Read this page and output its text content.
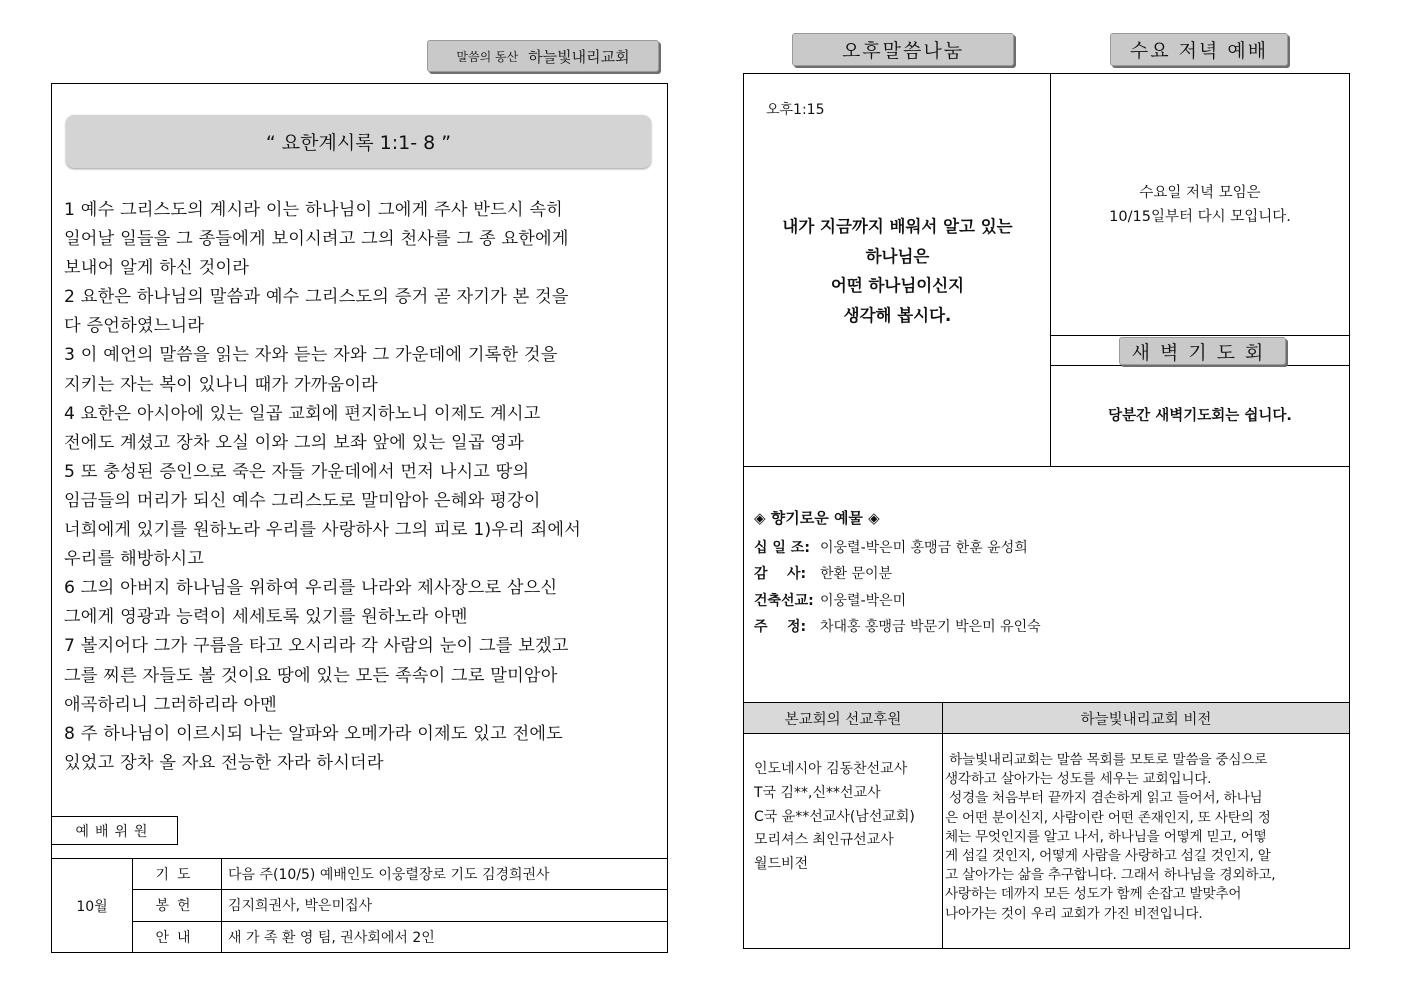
말씀의 동산 하늘빛내리교회
“ 요한계시록 1:1- 8 ”

1 예수 그리스도의 계시라 이는 하나님이 그에게 주사 반드시 속히

일어날 일들을 그 종들에게 보이시려고 그의 천사를 그 종 요한에게

보내어 알게 하신 것이라

2 요한은 하나님의 말씀과 예수 그리스도의 증거 곧 자기가 본 것을

다 증언하였느니라

3 이 예언의 말씀을 읽는 자와 듣는 자와 그 가운데에 기록한 것을

지키는 자는 복이 있나니 때가 가까움이라

4 요한은 아시아에 있는 일곱 교회에 편지하노니 이제도 계시고

전에도 계셨고 장차 오실 이와 그의 보좌 앞에 있는 일곱 영과

5 또 충성된 증인으로 죽은 자들 가운데에서 먼저 나시고 땅의

임금들의 머리가 되신 예수 그리스도로 말미암아 은혜와 평강이

너희에게 있기를 원하노라 우리를 사랑하사 그의 피로 1)우리 죄에서

우리를 해방하시고

6 그의 아버지 하나님을 위하여 우리를 나라와 제사장으로 삼으신

그에게 영광과 능력이 세세토록 있기를 원하노라 아멘

7 볼지어다 그가 구름을 타고 오시리라 각 사람의 눈이 그를 보겠고

그를 찌른 자들도 볼 것이요 땅에 있는 모든 족속이 그로 말미암아

애곡하리니 그러하리라 아멘

8 주 하나님이 이르시되 나는 알파와 오메가라 이제도 있고 전에도

있었고 장차 올 자요 전능한 자라 하시더라

예배위원
10월	기도	다음 주(10/5) 예배인도 이웅렬장로 기도 김경희권사
	봉헌	김지희권사, 박은미집사
	안내	새 가 족 환 영 팀, 권사회에서 2인
오후말씀나눔	수요 저녁 예배
새벽기도회
오후1:15
내가 지금까지 배워서 알고 있는
하나님은
어떤 하나님이신지
생각해 봅시다.
수요일 저녁 모임은
10/15일부터 다시 모입니다.
당분간 새벽기도회는 쉽니다.
◈ 향기로운 예물 ◈
십 일 조: 이웅렬-박은미 홍맹금 한훈 윤성희
감    사: 한환 문이분
건축선교: 이웅렬-박은미
주    정: 차대홍 홍맹금 박문기 박은미 유인숙
본교회의 선교후원	하늘빛내리교회 비전
인도네시아 김동찬선교사
T국 김**,신**선교사
C국 윤**선교사(남선교회)
모리셔스 최인규선교사
월드비전

하늘빛내리교회는 말씀 목회를 모토로 말씀을 중심으로

생각하고 살아가는 성도를 세우는 교회입니다.

성경을 처음부터 끝까지 겸손하게 읽고 들어서, 하나님

은 어떤 분이신지, 사람이란 어떤 존재인지, 또 사탄의 정

체는 무엇인지를 알고 나서, 하나님을 어떻게 믿고, 어떻

게 섬길 것인지, 어떻게 사람을 사랑하고 섬길 것인지, 알

고 살아가는 삶을 추구합니다. 그래서 하나님을 경외하고,

사랑하는 데까지 모든 성도가 함께 손잡고 발맞추어

나아가는 것이 우리 교회가 가진 비전입니다.
